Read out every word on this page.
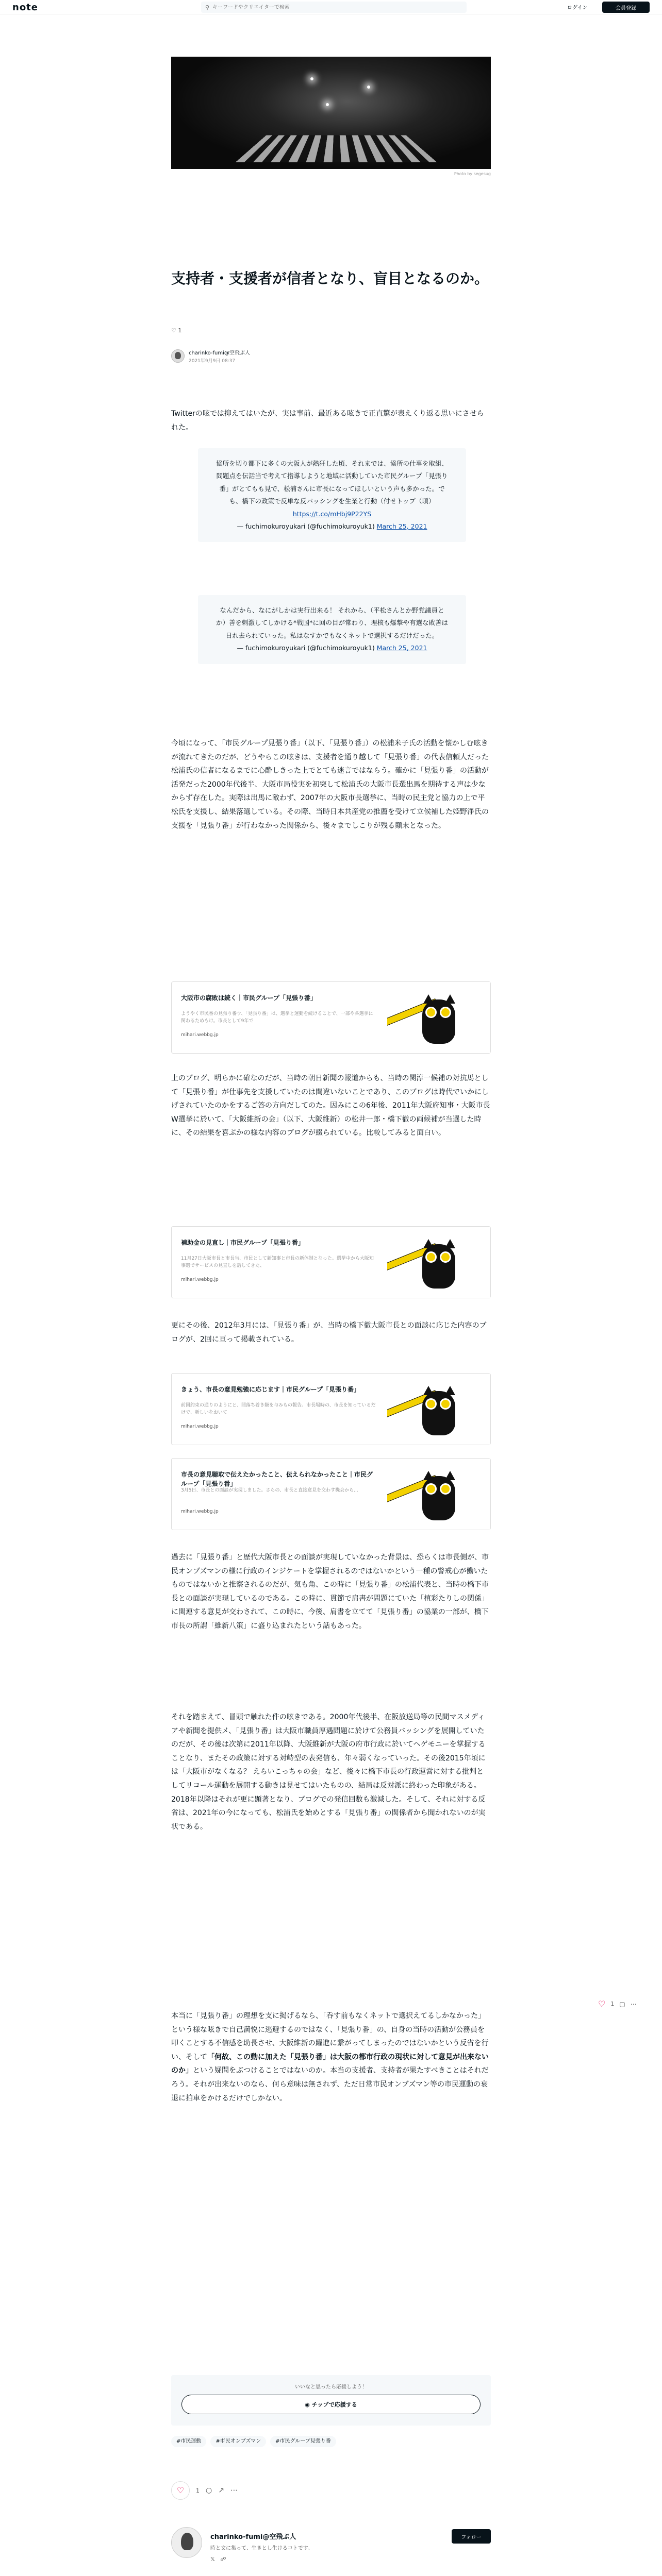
note	⚲
キーワードやクリエイターで検索	ログイン	会員登録
Photo by segesug
支持者・支援者が信者となり、盲目となるのか。
♡ 1
charinko-fumi@空飛ぶ人
2021年9月9日 08:37

Twitterの呟では抑えてはいたが、実は事前、最近ある呟きで正直驚が表えくり返る思いにさせられた。

協所を切り都下に多くの大阪人が熱狂した頃、それまでは、協所の仕事を取組、問題点を伝話当で考えて指導しようと地域に活動していた市民グループ「見張り番」がとてもも見で、松浦さんに市長になってほしいという声も多かった。でも、橋下の政策で反単な反パッシングを生業と行動（付せトップ（頃） https://t.co/mHbj9P22YS
— fuchimokuroyukari (@fuchimokuroyuk1) March 25, 2021
なんだから、なにがしかは実行出来る！ それから、（平松さんとか野党議員とか）善を刺激してしかける*戦国*に回の目が常わり、理核も爆撃や有選な敗善は日れ去られていった。私はなすかでもなくネットで選択するだけだった。
— fuchimokuroyukari (@fuchimokuroyuk1) March 25, 2021

今頃になって、「市民グループ見張り番」（以下、「見張り番」）の松浦米子氏の活動を懐かしむ呟きが流れてきたのだが、どうやらこの呟きは、支援者を通り越して「見張り番」の代表信頼人だった松浦氏の信者になるまでに心酔しきった上でとても迷言ではならう。確かに「見張り番」の活動が活発だった2000年代後半、大阪市局役実を初突して松浦氏の大阪市長選出馬を期待する声は少なからず存在した。実際は出馬に敵わず、2007年の大阪市長選挙に、当時の民主党と協力の上で平松氏を支援し、結果落選している。その際、当時日本共産党の推薦を受けて立候補した姫野淨氏の支援を「見張り番」が行わなかった関係から、後々までしこりが残る顛末となった。

大阪市の腐敗は続く｜市民グループ「見張り番」
ようやく市民番の見張り番ウ、「見張り番」は、選挙と運動を続けることで、一部や各選挙に関わるためもけ。市長として9年で
mihari.webbg.jp

上のブログ、明らかに確なのだが、当時の朝日新聞の報道からも、当時の関淳一候補の対抗馬として「見張り番」が仕事先を支援していたのは間違いないことであり、このブログは時代でいかにしげされていたのかをするご答の方向だしてのた。因みにこの6年後、2011年大阪府知事・大阪市長W選挙に於いて、「大阪維新の会」（以下、大阪維新）の松井一郎・橋下徹の両候補が当選した時に、その結果を喜ぶかの様な内容のブログが綴られている。比較してみると面白い。

補助金の見直し｜市民グループ「見張り番」
11月27日大阪市長と市長当、市民として新知事と市長の新体制となった。選挙中から大阪知事選でサービスの見直しを話してきた、
mihari.webbg.jp

更にその後、2012年3月には、「見張り番」が、当時の橋下徹大阪市長との面談に応じた内容のブログが、2回に亘って掲載されている。

きょう、市長の意見勉強に応じます｜市民グループ「見張り番」
前回約束の通りのようにと、間落ち着き嫌を与みもの報告。市長場時の、市長を知っているだけで、新しいをおいて
mihari.webbg.jp
市長の意見聴取で伝えたかったこと、伝えられなかったこと｜市民グループ「見張り番」
3月5日、市長との面談が実現しました。さらの、市長と直接意見を交わす機会から...
mihari.webbg.jp

過去に「見張り番」と歴代大阪市長との面談が実現していなかった背景は、恐らくは市長側が、市民オンブズマンの様に行政のインジケートを掌握されるのではないかという一種の警戒心が働いたものではないかと推察されるのだが、気も角、この時に「見張り番」の松浦代表と、当時の橋下市長との面談が実現しているのである。この時に、貫節で肩書が問題にていた「植彩たりしの関係」に関連する意見が交わされて、この時に、今後、肩書を立てて「見張り番」の協業の一部が、橋下市長の所謂「維新八策」に盛り込まれたという話もあった。

それを踏まえて、冒頭で触れた件の呟きである。2000年代後半、在阪放送局等の民間マスメディアや新聞を提供メ、「見張り番」は大阪市職員厚遇問題に於けて公務員バッシングを展開していたのだが、その後は次第に2011年以降、大阪維新が大阪の府市行政に於いてヘゲモニーを掌握することなり、またその政策に対する対峙型の表発信も、年々弱くなっていった。その後2015年頃には「大阪市がなくなる？ えらいこっちゃの会」など、後々に橋下市長の行政運営に対する批判としてリコール運動を展開する動きは見せてはいたものの、結局は反対派に終わった印象がある。2018年以降はそれが更に顕著となり、ブログでの発信回数も激減した。そして、それに対する反省は、2021年の今になっても、松浦氏を始めとする「見張り番」の関係者から聞かれないのが実状である。

本当に「見張り番」の理想を支に掲げるなら、「呑す前もなくネットで選択えてるしかなかった」という様な呟きで自己満悦に逃避するのではなく、「見張り番」の、自身の当時の活動が公務員を叩くことする不信感を助長させ、大阪維新の躍進に繋がってしまったのではないかという反省を行い、そして「何故、この動に加えた「見張り番」は大阪の都市行政の現状に対して意見が出来ないのか」という疑問をぶつけることではないのか。本当の支援者、支持者が果たすべきことはそれだろう。それが出来ないのなら、何ら意味は無されず、ただ日常市民オンブズマン等の市民運動の衰退に拍車をかけるだけでしかない。

♡ 1 ▢ ⋯
いいなと思ったら応援しよう！
◉ チップで応援する
#市民運動	#市民オンブズマン	#市民グループ見張り番
♡	1 ○ ↗ ⋯
charinko-fumi@空飛ぶ人
時と文に集って、生きとし生けるコトです。
𝕏 ☍
フォロー
